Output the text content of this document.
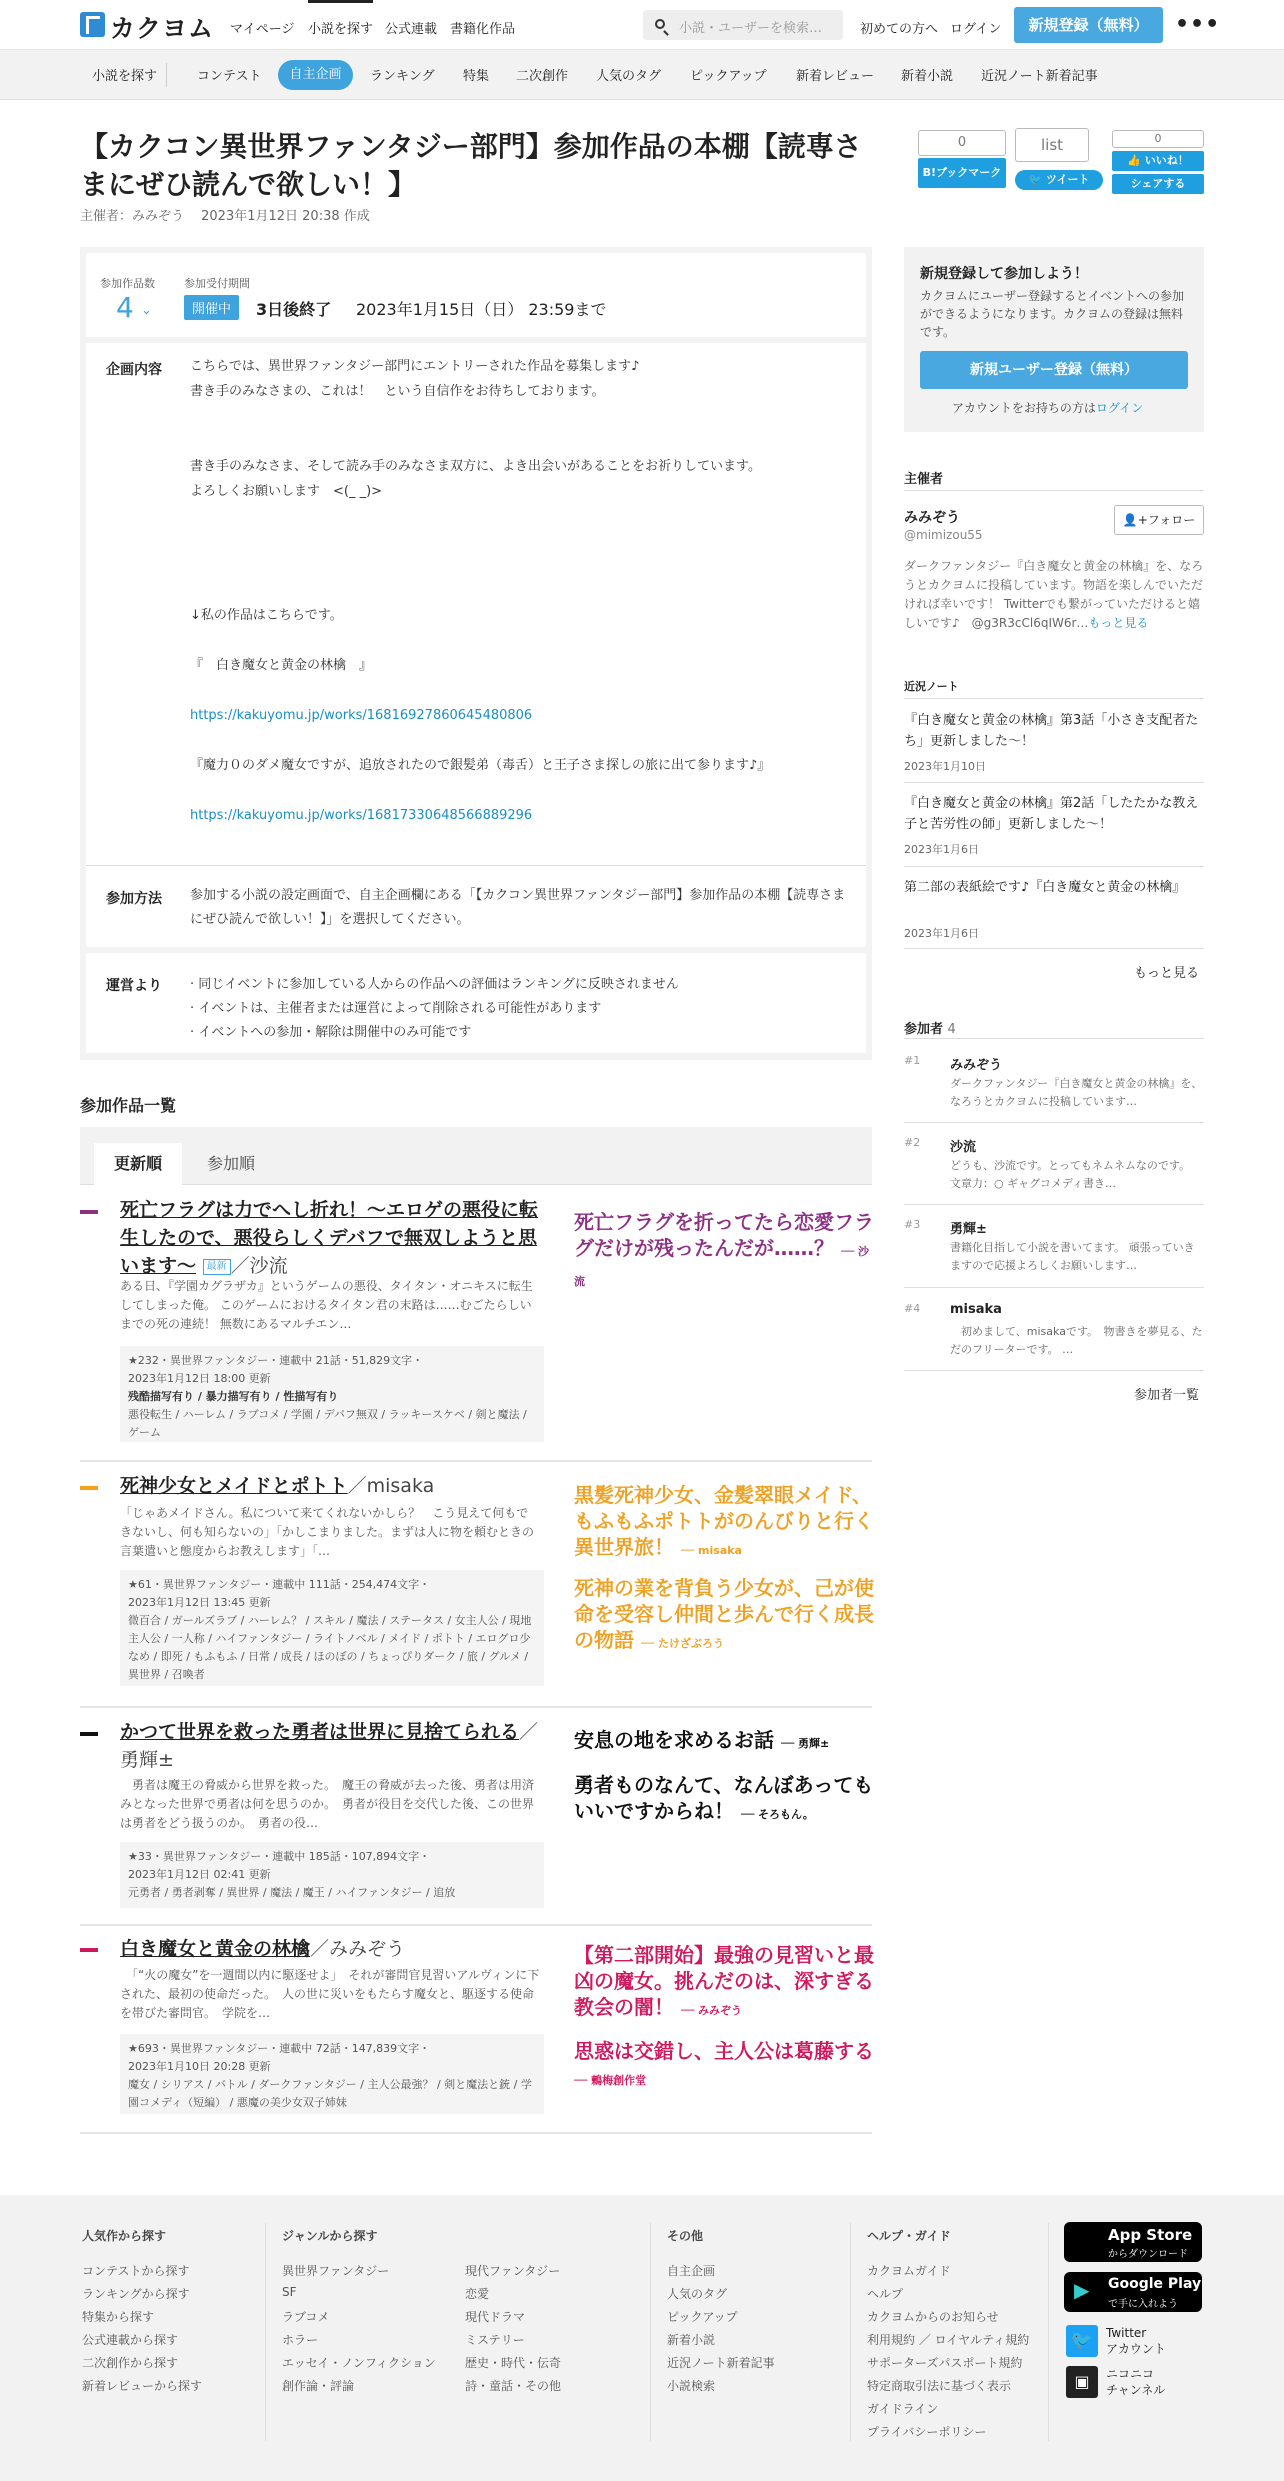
カクヨム マイページ 小説を探す 公式連載 書籍化作品	小説・ユーザーを検索…	初めての方へ ログイン	新規登録（無料）	•••
小説を探す	コンテスト	自主企画	ランキング 特集 二次創作 人気のタグ ピックアップ 新着レビュー 新着小説 近況ノート新着記事
【カクコン異世界ファンタジー部門】参加作品の本棚【読専さまにぜひ読んで欲しい！】
主催者：みみぞう　 2023年1月12日 20:38 作成
0
B!ブックマーク
list
🐦 ツイート
0
👍 いいね！
シェアする
参加作品数
4 ⌄
参加受付期間
開催中	3日後終了 2023年1月15日（日） 23:59まで
企画内容 こちらでは、異世界ファンタジー部門にエントリーされた作品を募集します♪
書き手のみなさまの、これは！　という自信作をお待ちしております。
書き手のみなさま、そして読み手のみなさま双方に、よき出会いがあることをお祈りしています。
よろしくお願いします　<(_ _)>
↓私の作品はこちらです。
『　白き魔女と黄金の林檎　』
https://kakuyomu.jp/works/16816927860645480806
『魔力０のダメ魔女ですが、追放されたので銀髪弟（毒舌）と王子さま探しの旅に出て参ります♪』
https://kakuyomu.jp/works/16817330648566889296
参加方法 参加する小説の設定画面で、自主企画欄にある「【カクコン異世界ファンタジー部門】参加作品の本棚【読専さまにぜひ読んで欲しい！】」を選択してください。
運営より · 同じイベントに参加している人からの作品への評価はランキングに反映されません
· イベントは、主催者または運営によって削除される可能性があります
· イベントへの参加・解除は開催中のみ可能です
新規登録して参加しよう！
カクヨムにユーザー登録するとイベントへの参加ができるようになります。カクヨムの登録は無料です。
新規ユーザー登録（無料）
アカウントをお持ちの方はログイン
主催者
みみぞう
@mimizou55
👤+フォロー
ダークファンタジー『白き魔女と黄金の林檎』を、なろうとカクヨムに投稿しています。物語を楽しんでいただければ幸いです！ Twitterでも繋がっていただけると嬉しいです♪　@g3R3cCl6qIW6r…もっと見る
近況ノート
『白き魔女と黄金の林檎』第3話「小さき支配者たち」更新しました〜！
2023年1月10日
『白き魔女と黄金の林檎』第2話「したたかな教え子と苦労性の師」更新しました〜！
2023年1月6日
第二部の表紙絵です♪『白き魔女と黄金の林檎』
2023年1月6日
もっと見る
参加者 4
#1 みみぞう
ダークファンタジー『白き魔女と黄金の林檎』を、なろうとカクヨムに投稿しています…
#2 沙流
どうも、沙流です。とってもネムネムなのです。 文章力：○ ギャグコメディ書き…
#3 勇輝±
書籍化目指して小説を書いてます。 頑張っていきますので応援よろしくお願いします…
#4 misaka
　初めまして、misakaです。　物書きを夢見る、ただのフリーターです。 …
参加者一覧
参加作品一覧
更新順	参加順
死亡フラグは力でへし折れ！～エロゲの悪役に転生したので、悪役らしくデバフで無双しようと思います～ 最新 ／沙流
ある日、『学園カグラザカ』というゲームの悪役、タイタン・オニキスに転生してしまった俺。 このゲームにおけるタイタン君の末路は……むごたらしいまでの死の連続！ 無数にあるマルチエン…
★232・異世界ファンタジー・連載中 21話・51,829文字・
2023年1月12日 18:00 更新
残酷描写有り / 暴力描写有り / 性描写有り
悪役転生 / ハーレム / ラブコメ / 学園 / デバフ無双 / ラッキースケベ / 剣と魔法 / ゲーム
死亡フラグを折ってたら恋愛フラグだけが残ったんだが……？ ── 沙流
死神少女とメイドとポトト／misaka
「じゃあメイドさん。私について来てくれないかしら？　こう見えて何もできないし、何も知らないの」「かしこまりました。まずは人に物を頼むときの言葉遣いと態度からお教えします」「…
★61・異世界ファンタジー・連載中 111話・254,474文字・
2023年1月12日 13:45 更新
微百合 / ガールズラブ / ハーレム？ / スキル / 魔法 / ステータス / 女主人公 / 現地主人公 / 一人称 / ハイファンタジー / ライトノベル / メイド / ポトト / エログロ少なめ / 即死 / もふもふ / 日常 / 成長 / ほのぼの / ちょっぴりダーク / 旅 / グルメ / 異世界 / 召喚者
黒髪死神少女、金髪翠眼メイド、もふもふポトトがのんびりと行く異世界旅！ ── misaka
死神の業を背負う少女が、己が使命を受容し仲間と歩んで行く成長の物語 ── たけざぶろう
かつて世界を救った勇者は世界に見捨てられる／勇輝±
　勇者は魔王の脅威から世界を救った。　魔王の脅威が去った後、勇者は用済みとなった世界で勇者は何を思うのか。　勇者が役目を交代した後、この世界は勇者をどう扱うのか。　勇者の役…
★33・異世界ファンタジー・連載中 185話・107,894文字・
2023年1月12日 02:41 更新
元勇者 / 勇者剥奪 / 異世界 / 魔法 / 魔王 / ハイファンタジー / 追放
安息の地を求めるお話 ── 勇輝±
勇者ものなんて、なんぼあってもいいですからね！ ── そろもん。
白き魔女と黄金の林檎／みみぞう
　「“火の魔女”を一週間以内に駆逐せよ」　それが審問官見習いアルヴィンに下された、最初の使命だった。　人の世に災いをもたらす魔女と、駆逐する使命を帯びた審問官。　学院を…
★693・異世界ファンタジー・連載中 72話・147,839文字・
2023年1月10日 20:28 更新
魔女 / シリアス / バトル / ダークファンタジー / 主人公最強？ / 剣と魔法と銃 / 学園コメディ（短編） / 悪魔の美少女双子姉妹
【第二部開始】最強の見習いと最凶の魔女。挑んだのは、深すぎる教会の闇！ ── みみぞう
思惑は交錯し、主人公は葛藤する ── 鶫梅創作堂
人気作から探す
コンテストから探す
ランキングから探す
特集から探す
公式連載から探す
二次創作から探す
新着レビューから探す
ジャンルから探す
異世界ファンタジー
SF
ラブコメ
ホラー
エッセイ・ノンフィクション
創作論・評論
現代ファンタジー
恋愛
現代ドラマ
ミステリー
歴史・時代・伝奇
詩・童話・その他
その他
自主企画
人気のタグ
ピックアップ
新着小説
近況ノート新着記事
小説検索
ヘルプ・ガイド
カクヨムガイド
ヘルプ
カクヨムからのお知らせ
利用規約 ／ ロイヤルティ規約
サポーターズパスポート規約
特定商取引法に基づく表示
ガイドライン
プライバシーポリシー
App Store
からダウンロード
▶ Google Play
で手に入れよう
🐦	Twitter
アカウント
▣	ニコニコ
チャンネル
